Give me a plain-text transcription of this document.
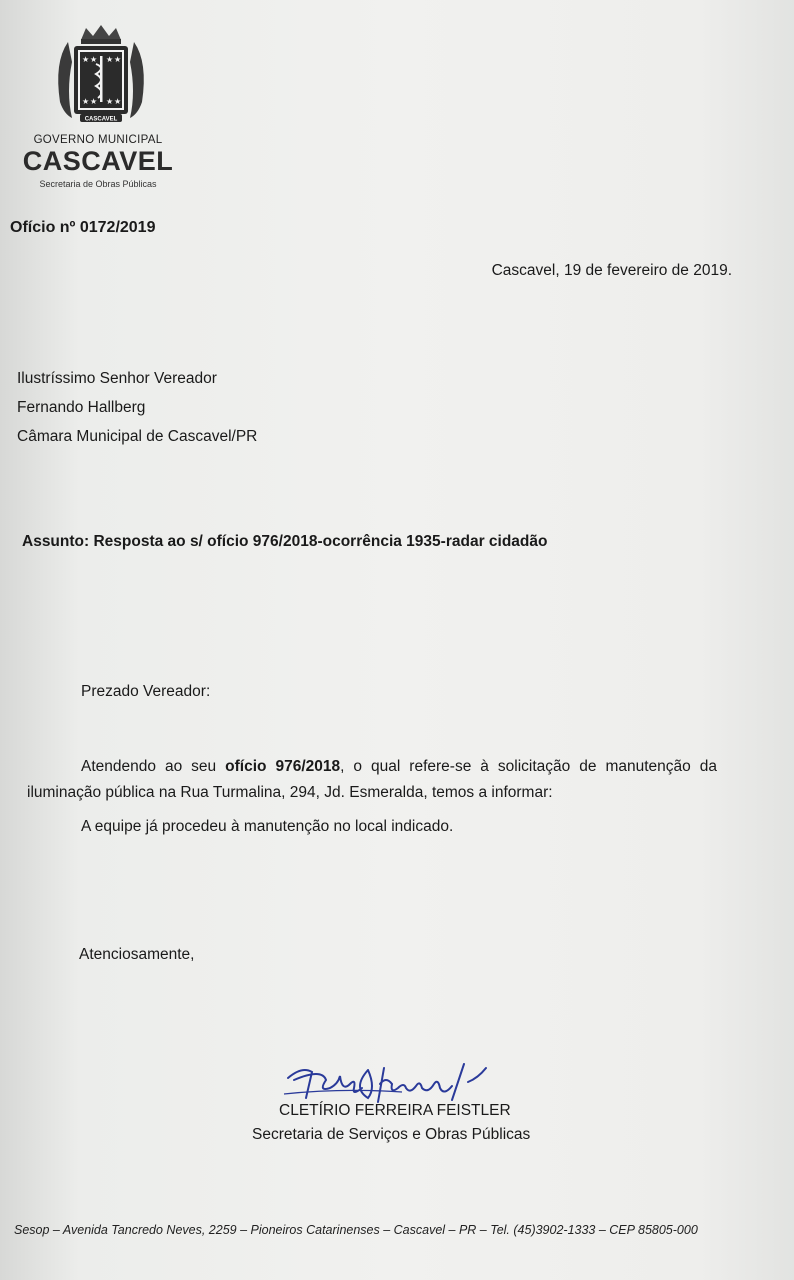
★ ★ ★ ★
★ ★ ★ ★
CASCAVEL
GOVERNO MUNICIPAL
CASCAVEL
Secretaria de Obras Públicas
Ofício nº 0172/2019
Cascavel, 19 de fevereiro de 2019.
Ilustríssimo Senhor Vereador
Fernando Hallberg
Câmara Municipal de Cascavel/PR
Assunto: Resposta ao s/ ofício 976/2018-ocorrência 1935-radar cidadão
Prezado Vereador:
Atendendo ao seu ofício 976/2018, o qual refere-se à solicitação de manutenção da iluminação pública na Rua Turmalina, 294, Jd. Esmeralda, temos a informar:
A equipe já procedeu à manutenção no local indicado.
Atenciosamente,
CLETÍRIO FERREIRA FEISTLER
Secretaria de Serviços e Obras Públicas
Sesop – Avenida Tancredo Neves, 2259 – Pioneiros Catarinenses – Cascavel – PR – Tel. (45)3902-1333 – CEP 85805-000
